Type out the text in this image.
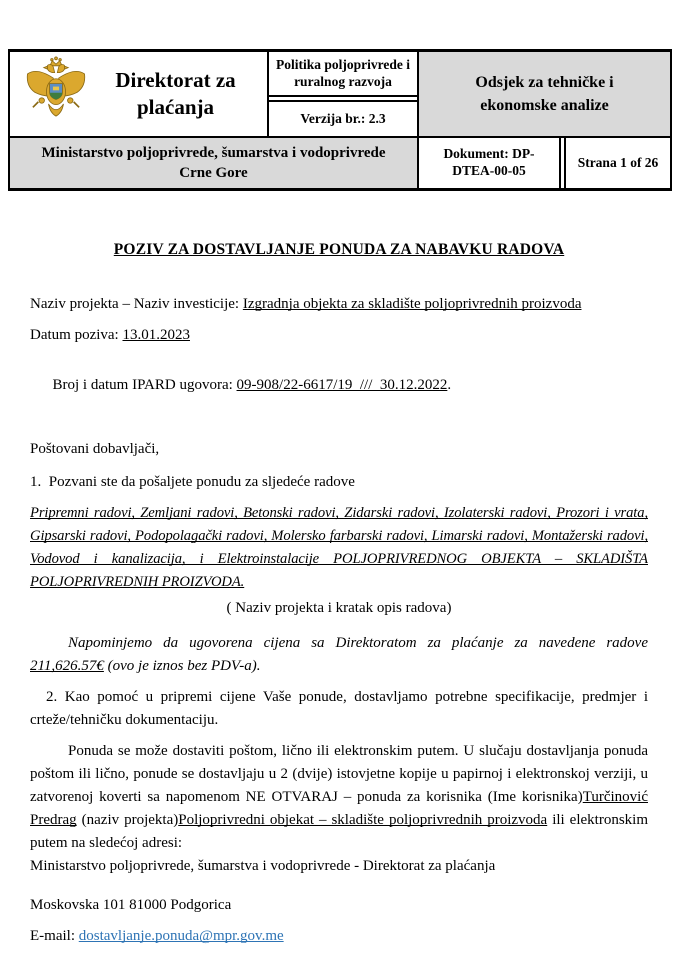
Direktorat za plaćanja
Politika poljoprivrede i ruralnog razvoja
Verzija br.: 2.3
Odsjek za tehničke i ekonomske analize
Ministarstvo poljoprivrede, šumarstva i vodoprivrede Crne Gore
Dokument: DP-DTEA-00-05
Strana 1 of 26

POZIV ZA DOSTAVLJANJE PONUDA ZA NABAVKU RADOVA

Naziv projekta – Naziv investicije: Izgradnja objekta za skladište poljoprivrednih proizvoda

Datum poziva: 13.01.2023

Broj i datum IPARD ugovora: 09-908/22-6617/19  ///  30.12.2022.

Poštovani dobavljači,

1.  Pozvani ste da pošaljete ponudu za sljedeće radove

Pripremni radovi, Zemljani radovi, Betonski radovi, Zidarski radovi, Izolaterski radovi, Prozori i vrata, Gipsarski radovi, Podopolagački radovi, Molersko farbarski radovi, Limarski radovi, Montažerski radovi, Vodovod i kanalizacija, i Elektroinstalacije POLJOPRIVREDNOG OBJEKTA – SKLADIŠTA POLJOPRIVREDNIH PROIZVODA.

( Naziv projekta i kratak opis radova)

Napominjemo da ugovorena cijena sa Direktoratom za plaćanje za navedene radove 211,626.57€ (ovo je iznos bez PDV-a).

2. Kao pomoć u pripremi cijene Vaše ponude, dostavljamo potrebne specifikacije, predmjer i crteže/tehničku dokumentaciju.

Ponuda se može dostaviti poštom, lično ili elektronskim putem. U slučaju dostavljanja ponuda poštom ili lično, ponude se dostavljaju u 2 (dvije) istovjetne kopije u papirnoj i elektronskoj verziji, u zatvorenoj koverti sa napomenom NE OTVARAJ – ponuda za korisnika (Ime korisnika)Turčinović Predrag (naziv projekta)Poljoprivredni objekat – skladište poljoprivrednih proizvoda ili elektronskim putem na sledećoj adresi:
Ministarstvo poljoprivrede, šumarstva i vodoprivrede - Direktorat za plaćanja

Moskovska 101 81000 Podgorica

E-mail: dostavljanje.ponuda@mpr.gov.me
